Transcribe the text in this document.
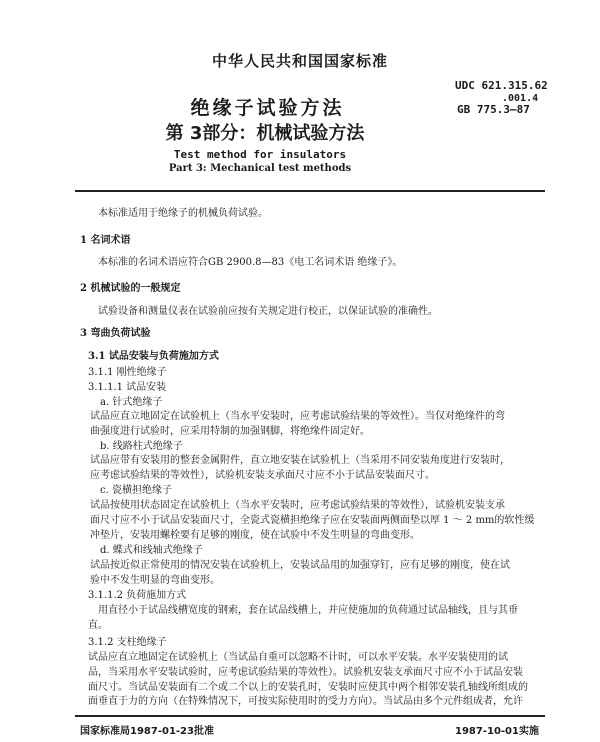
中华人民共和国国家标准
UDC 621.315.62
.001.4
GB 775.3—87
绝缘子试验方法
第 3部分：机械试验方法
Test method for insulators
Part 3: Mechanical test methods
本标准适用于绝缘子的机械负荷试验。
1 名词术语
本标准的名词术语应符合GB 2900.8—83《电工名词术语 绝缘子》。
2 机械试验的一般规定
试验设备和测量仪表在试验前应按有关规定进行校正，以保证试验的准确性。
3 弯曲负荷试验
3.1 试品安装与负荷施加方式
3.1.1 刚性绝缘子
3.1.1.1 试品安装
a. 针式绝缘子
试品应直立地固定在试验机上（当水平安装时，应考虑试验结果的等效性）。当仅对绝缘件的弯
曲强度进行试验时，应采用特制的加强钢脚，将绝缘件固定好。
b. 线路柱式绝缘子
试品应带有安装用的整套金属附件，直立地安装在试验机上（当采用不同安装角度进行安装时，
应考虑试验结果的等效性），试验机安装支承面尺寸应不小于试品安装面尺寸。
c. 瓷横担绝缘子
试品按使用状态固定在试验机上（当水平安装时，应考虑试验结果的等效性），试验机安装支承
面尺寸应不小于试品安装面尺寸，全瓷式瓷横担绝缘子应在安装面两侧面垫以厚 1 ～ 2 mm的软性缓
冲垫片，安装用螺栓要有足够的刚度，使在试验中不发生明显的弯曲变形。
d. 蝶式和线轴式绝缘子
试品按近似正常使用的情况安装在试验机上，安装试品用的加强穿钉，应有足够的刚度，使在试
验中不发生明显的弯曲变形。
3.1.1.2 负荷施加方式
用直径小于试品线槽宽度的钢索，套在试品线槽上，并应使施加的负荷通过试品轴线，且与其垂
直。
3.1.2 支柱绝缘子
试品应直立地固定在试验机上（当试品自重可以忽略不计时，可以水平安装。水平安装使用的试
品，当采用水平安装试验时，应考虑试验结果的等效性）。试验机安装支承面尺寸应不小于试品安装
面尺寸。当试品安装面有二个或二个以上的安装孔时，安装时应使其中两个相邻安装孔轴线所组成的
面垂直于力的方向（在特殊情况下，可按实际使用时的受力方向）。当试品由多个元件组成者，允许
国家标准局1987-01-23批准	1987-10-01实施
